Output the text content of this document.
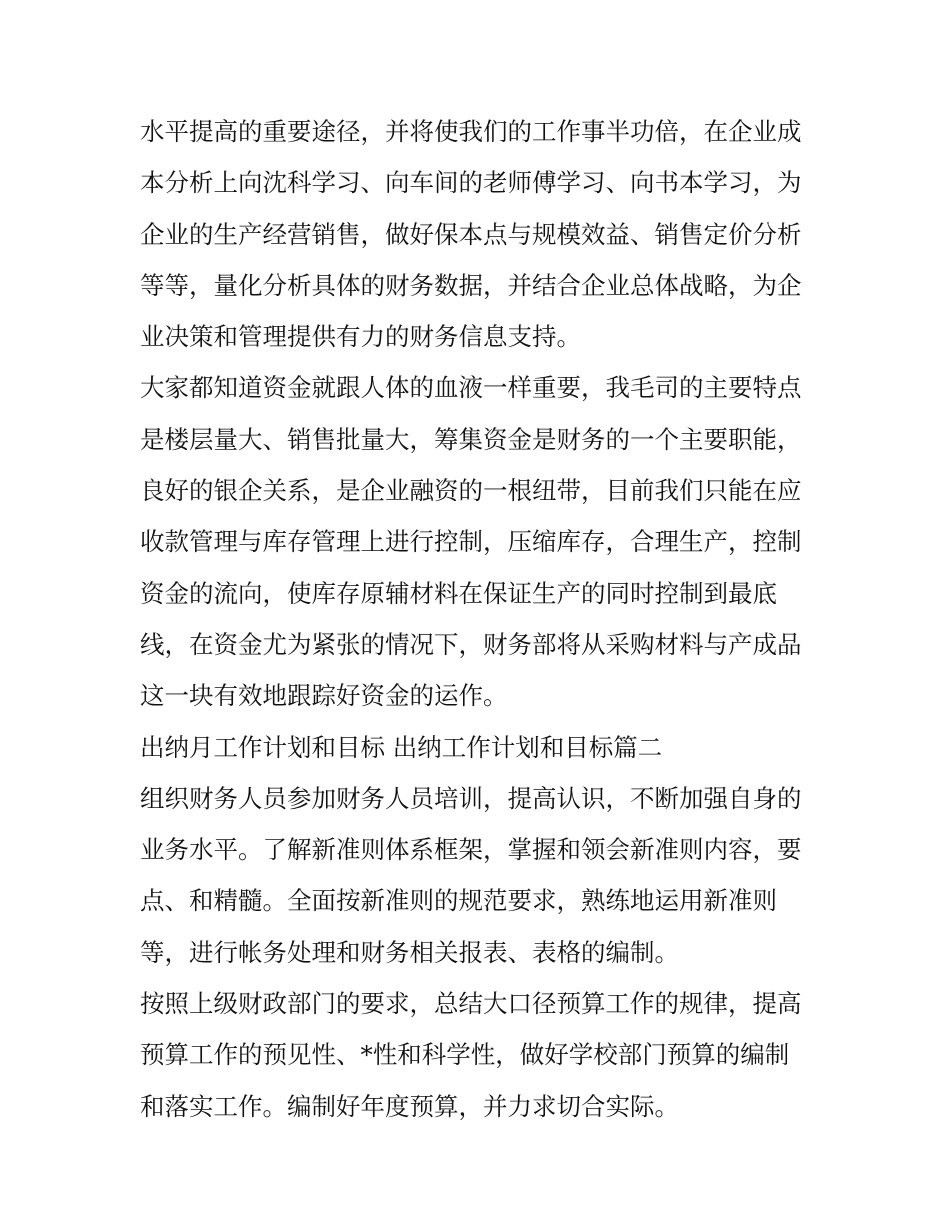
水平提高的重要途径，并将使我们的工作事半功倍，在企业成
本分析上向沈科学习、向车间的老师傅学习、向书本学习，为
企业的生产经营销售，做好保本点与规模效益、销售定价分析
等等，量化分析具体的财务数据，并结合企业总体战略，为企
业决策和管理提供有力的财务信息支持。
大家都知道资金就跟人体的血液一样重要，我毛司的主要特点
是楼层量大、销售批量大，筹集资金是财务的一个主要职能，
良好的银企关系，是企业融资的一根纽带，目前我们只能在应
收款管理与库存管理上进行控制，压缩库存，合理生产，控制
资金的流向，使库存原辅材料在保证生产的同时控制到最底
线，在资金尤为紧张的情况下，财务部将从采购材料与产成品
这一块有效地跟踪好资金的运作。
出纳月工作计划和目标 出纳工作计划和目标篇二
组织财务人员参加财务人员培训，提高认识，不断加强自身的
业务水平。了解新准则体系框架，掌握和领会新准则内容，要
点、和精髓。全面按新准则的规范要求，熟练地运用新准则
等，进行帐务处理和财务相关报表、表格的编制。
按照上级财政部门的要求，总结大口径预算工作的规律，提高
预算工作的预见性、*性和科学性，做好学校部门预算的编制
和落实工作。编制好年度预算，并力求切合实际。
